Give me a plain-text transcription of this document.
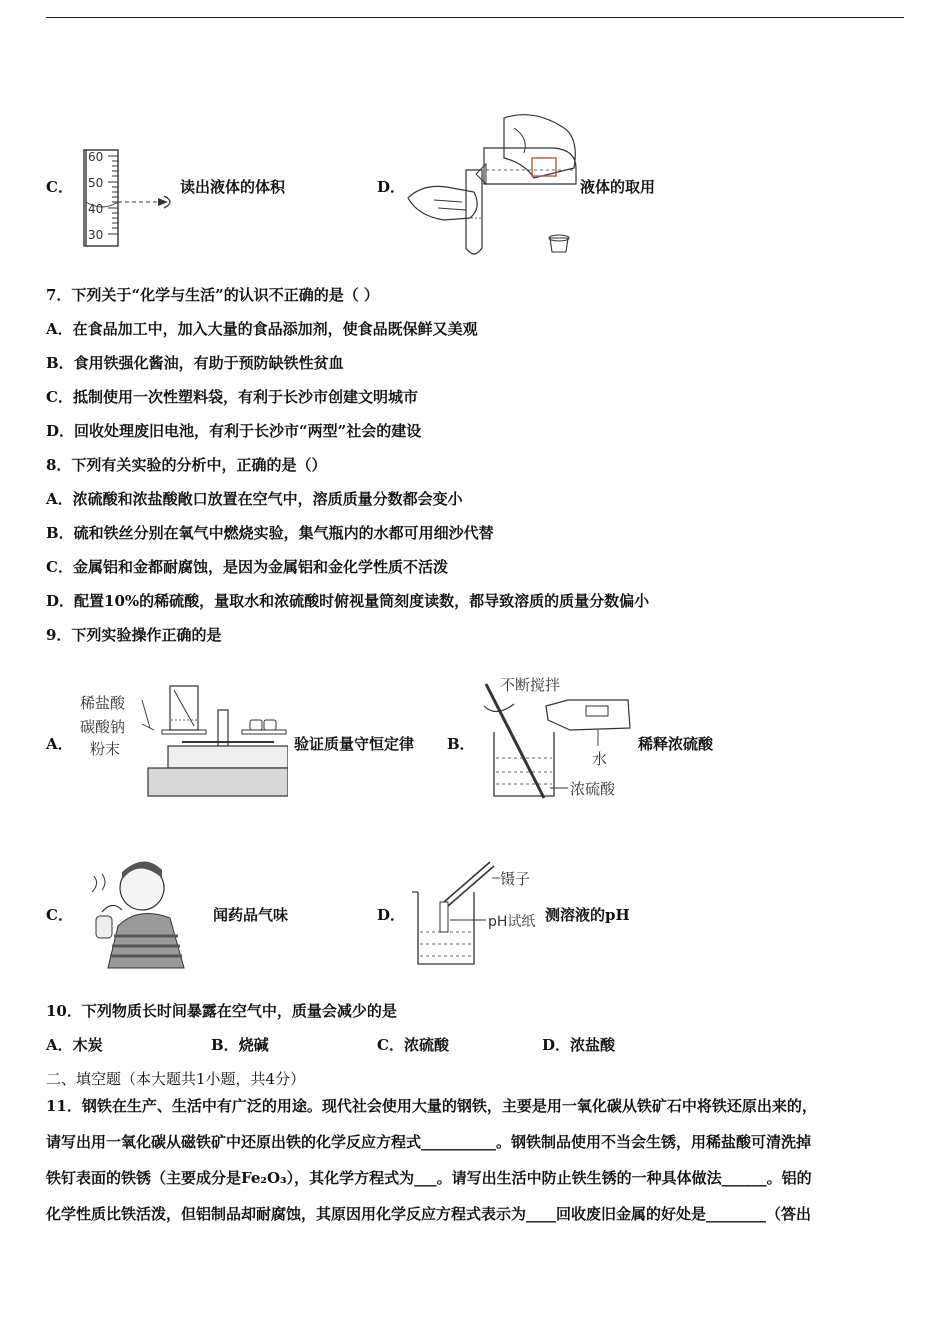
C．
60
50
40
30
读出液体的体积	D．	液体的取用
7．下列关于“化学与生活”的认识不正确的是（ ）
A．在食品加工中，加入大量的食品添加剂，使食品既保鲜又美观
B．食用铁强化酱油，有助于预防缺铁性贫血
C．抵制使用一次性塑料袋，有利于长沙市创建文明城市
D．回收处理废旧电池，有利于长沙市“两型”社会的建设
8．下列有关实验的分析中，正确的是（）
A．浓硫酸和浓盐酸敞口放置在空气中，溶质质量分数都会变小
B．硫和铁丝分别在氧气中燃烧实验，集气瓶内的水都可用细沙代替
C．金属铝和金都耐腐蚀，是因为金属铝和金化学性质不活泼
D．配置10%的稀硫酸，量取水和浓硫酸时俯视量筒刻度读数，都导致溶质的质量分数偏小
9．下列实验操作正确的是
A．
稀盐酸
碳酸钠
粉末	验证质量守恒定律 B．
不断搅拌
水
浓硫酸
稀释浓硫酸
C．	闻药品气味	D．
镊子
pH试纸 测溶液的pH
10．下列物质长时间暴露在空气中，质量会减少的是
A．木炭	B．烧碱	C．浓硫酸	D．浓盐酸
二、填空题（本大题共1小题，共4分）

11．钢铁在生产、生活中有广泛的用途。现代社会使用大量的钢铁，主要是用一氧化碳从铁矿石中将铁还原出来的，

请写出用一氧化碳从磁铁矿中还原出铁的化学反应方程式__________。钢铁制品使用不当会生锈，用稀盐酸可清洗掉

铁钉表面的铁锈（主要成分是Fe₂O₃），其化学方程式为___。请写出生活中防止铁生锈的一种具体做法______。铝的

化学性质比铁活泼，但铝制品却耐腐蚀，其原因用化学反应方程式表示为____回收废旧金属的好处是________（答出
